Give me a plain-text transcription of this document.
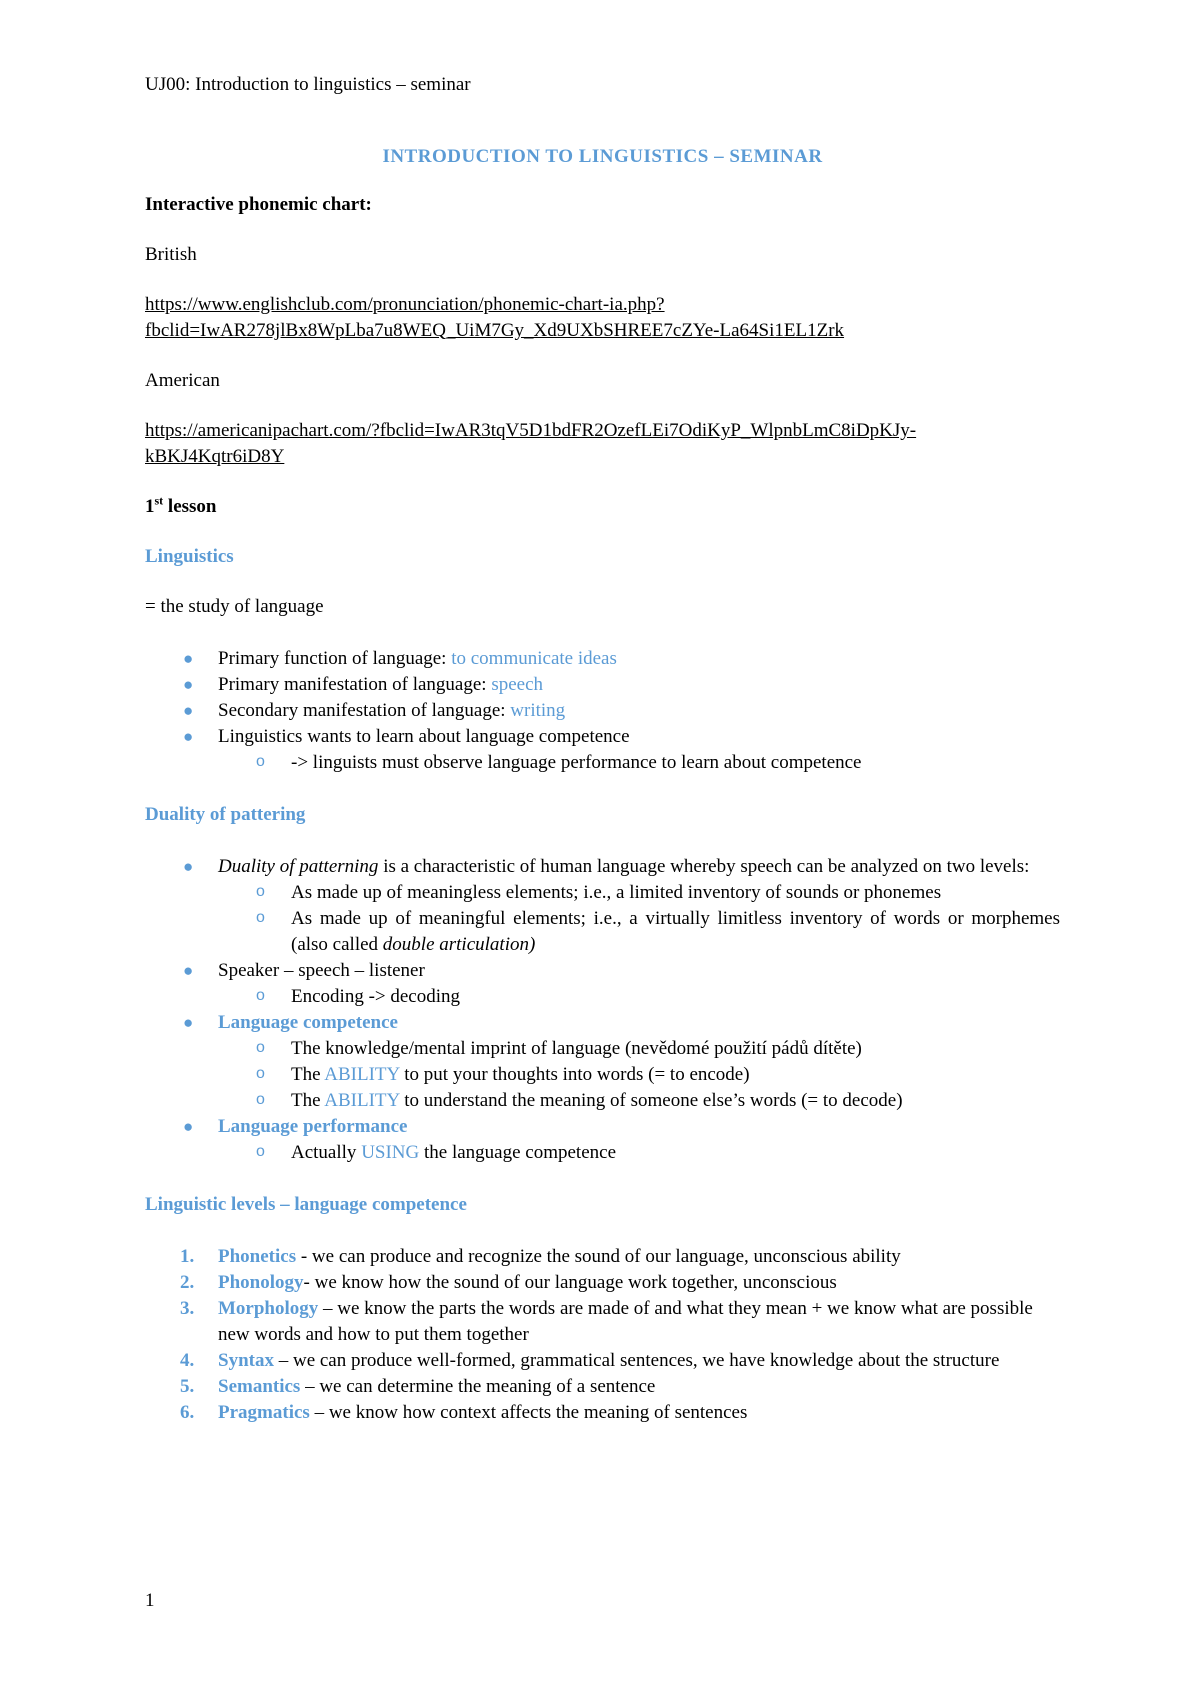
UJ00: Introduction to linguistics – seminar

INTRODUCTION TO LINGUISTICS – SEMINAR

Interactive phonemic chart:

British

https://www.englishclub.com/pronunciation/phonemic-chart-ia.php?
fbclid=IwAR278jlBx8WpLba7u8WEQ_UiM7Gy_Xd9UXbSHREE7cZYe-La64Si1EL1Zrk

American

https://americanipachart.com/?fbclid=IwAR3tqV5D1bdFR2OzefLEi7OdiKyP_WlpnbLmC8iDpKJy-
kBKJ4Kqtr6iD8Y

1st lesson

Linguistics

= the study of language

● Primary function of language: to communicate ideas
● Primary manifestation of language: speech
● Secondary manifestation of language: writing
● Linguistics wants to learn about language competence
o -> linguists must observe language performance to learn about competence

Duality of pattering

● Duality of patterning is a characteristic of human language whereby speech can be analyzed on two levels:
o As made up of meaningless elements; i.e., a limited inventory of sounds or phonemes
o As made up of meaningful elements; i.e., a virtually limitless inventory of words or morphemes (also called double articulation)
● Speaker – speech – listener
o Encoding -> decoding
● Language competence
o The knowledge/mental imprint of language (nevědomé použití pádů dítěte)
o The ABILITY to put your thoughts into words (= to encode)
o The ABILITY to understand the meaning of someone else’s words (= to decode)
● Language performance
o Actually USING the language competence

Linguistic levels – language competence

1. Phonetics - we can produce and recognize the sound of our language, unconscious ability
2. Phonology- we know how the sound of our language work together, unconscious
3. Morphology – we know the parts the words are made of and what they mean + we know what are possible new words and how to put them together
4. Syntax – we can produce well-formed, grammatical sentences, we have knowledge about the structure
5. Semantics – we can determine the meaning of a sentence
6. Pragmatics – we know how context affects the meaning of sentences
1
